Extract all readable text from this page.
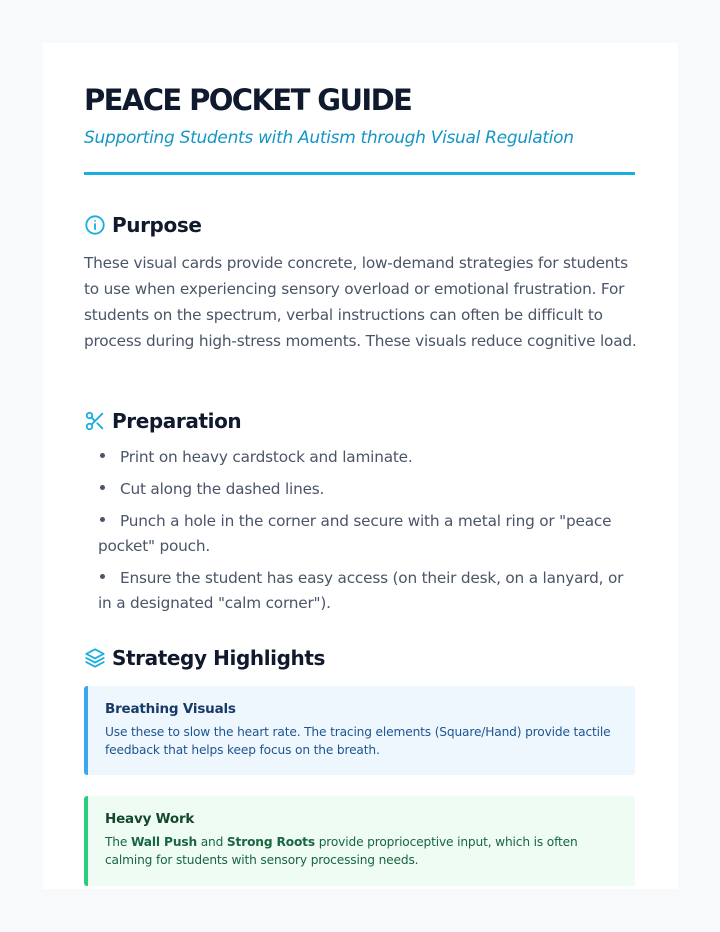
PEACE POCKET GUIDE
Supporting Students with Autism through Visual Regulation
Purpose

These visual cards provide concrete, low-demand strategies for students to use when experiencing sensory overload or emotional frustration. For students on the spectrum, verbal instructions can often be difficult to process during high-stress moments. These visuals reduce cognitive load.

Preparation
Print on heavy cardstock and laminate.
Cut along the dashed lines.
Punch a hole in the corner and secure with a metal ring or "peace pocket" pouch.
Ensure the student has easy access (on their desk, on a lanyard, or in a designated "calm corner").
Strategy Highlights
Breathing Visuals
Use these to slow the heart rate. The tracing elements (Square/Hand) provide tactile feedback that helps keep focus on the breath.
Heavy Work
The Wall Push and Strong Roots provide proprioceptive input, which is often calming for students with sensory processing needs.
